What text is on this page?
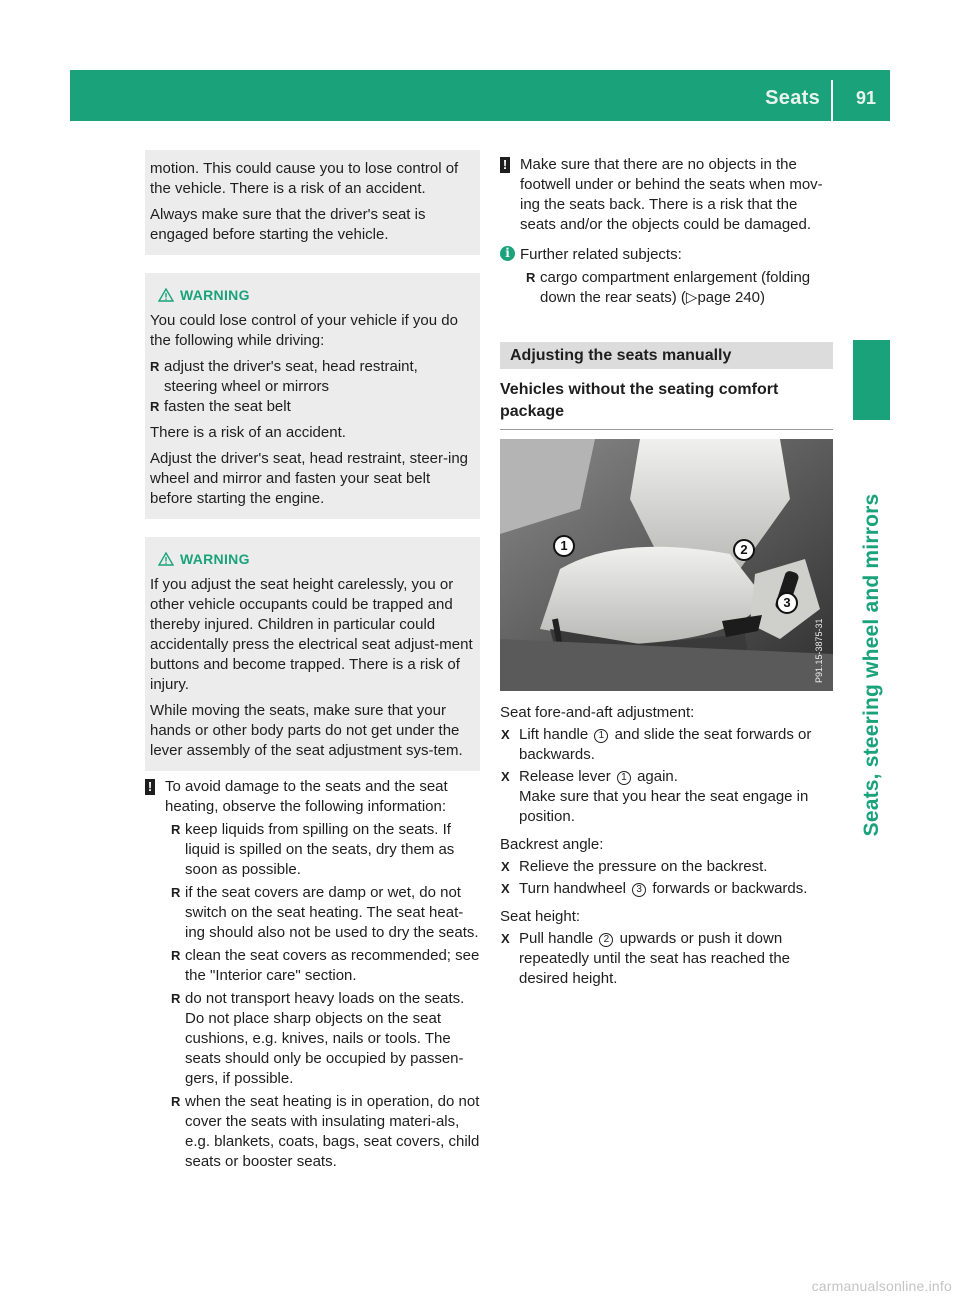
Seats 91
Seats, steering wheel and mirrors

motion. This could cause you to lose control of the vehicle. There is a risk of an accident.

Always make sure that the driver's seat is engaged before starting the vehicle.

WARNING

You could lose control of your vehicle if you do the following while driving:

R adjust the driver's seat, head restraint, steering wheel or mirrors
R fasten the seat belt

There is a risk of an accident.

Adjust the driver's seat, head restraint, steer-ing wheel and mirror and fasten your seat belt before starting the engine.

WARNING

If you adjust the seat height carelessly, you or other vehicle occupants could be trapped and thereby injured. Children in particular could accidentally press the electrical seat adjust-ment buttons and become trapped. There is a risk of injury.

While moving the seats, make sure that your hands or other body parts do not get under the lever assembly of the seat adjustment sys-tem.

! To avoid damage to the seats and the seat heating, observe the following information:

R keep liquids from spilling on the seats. If liquid is spilled on the seats, dry them as soon as possible.
R if the seat covers are damp or wet, do not switch on the seat heating. The seat heat-ing should also not be used to dry the seats.
R clean the seat covers as recommended; see the "Interior care" section.
R do not transport heavy loads on the seats. Do not place sharp objects on the seat cushions, e.g. knives, nails or tools. The seats should only be occupied by passen-gers, if possible.
R when the seat heating is in operation, do not cover the seats with insulating materi-als, e.g. blankets, coats, bags, seat covers, child seats or booster seats.
! Make sure that there are no objects in the footwell under or behind the seats when mov-ing the seats back. There is a risk that the seats and/or the objects could be damaged.

i Further related subjects:

R cargo compartment enlargement (folding down the rear seats) (▷page 240)
Adjusting the seats manually
Vehicles without the seating comfort package
P91.15-3875-31
1	2
3

Seat fore-and-aft adjustment:

X Lift handle 1 and slide the seat forwards or backwards.
X Release lever 1 again.
Make sure that you hear the seat engage in position.

Backrest angle:

X Relieve the pressure on the backrest.
X Turn handwheel 3 forwards or backwards.

Seat height:

X Pull handle 2 upwards or push it down repeatedly until the seat has reached the desired height.
carmanualsonline.info
